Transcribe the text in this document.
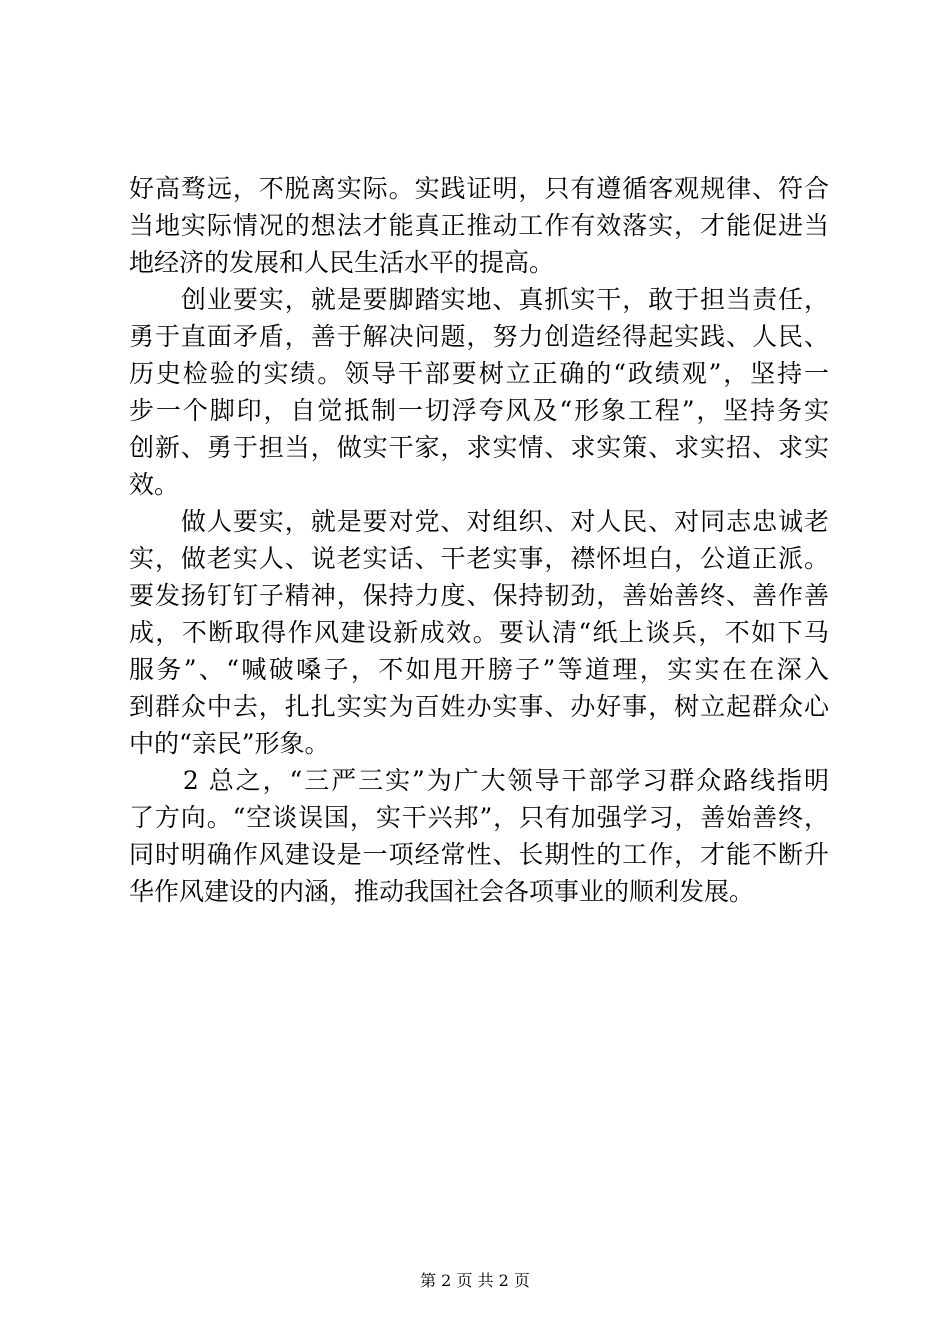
好高骛远，不脱离实际。实践证明，只有遵循客观规律、符合
当地实际情况的想法才能真正推动工作有效落实，才能促进当
地经济的发展和人民生活水平的提高。
　　创业要实，就是要脚踏实地、真抓实干，敢于担当责任，
勇于直面矛盾，善于解决问题，努力创造经得起实践、人民、
历史检验的实绩。领导干部要树立正确的“政绩观”，坚持一
步一个脚印，自觉抵制一切浮夸风及“形象工程”，坚持务实
创新、勇于担当，做实干家，求实情、求实策、求实招、求实
效。
　　做人要实，就是要对党、对组织、对人民、对同志忠诚老
实，做老实人、说老实话、干老实事，襟怀坦白，公道正派。
要发扬钉钉子精神，保持力度、保持韧劲，善始善终、善作善
成，不断取得作风建设新成效。要认清“纸上谈兵，不如下马
服务”、“喊破嗓子，不如甩开膀子”等道理，实实在在深入
到群众中去，扎扎实实为百姓办实事、办好事，树立起群众心
中的“亲民”形象。
　　2 总之，“三严三实”为广大领导干部学习群众路线指明
了方向。“空谈误国，实干兴邦”，只有加强学习，善始善终，
同时明确作风建设是一项经常性、长期性的工作，才能不断升
华作风建设的内涵，推动我国社会各项事业的顺利发展。
第 2 页 共 2 页
